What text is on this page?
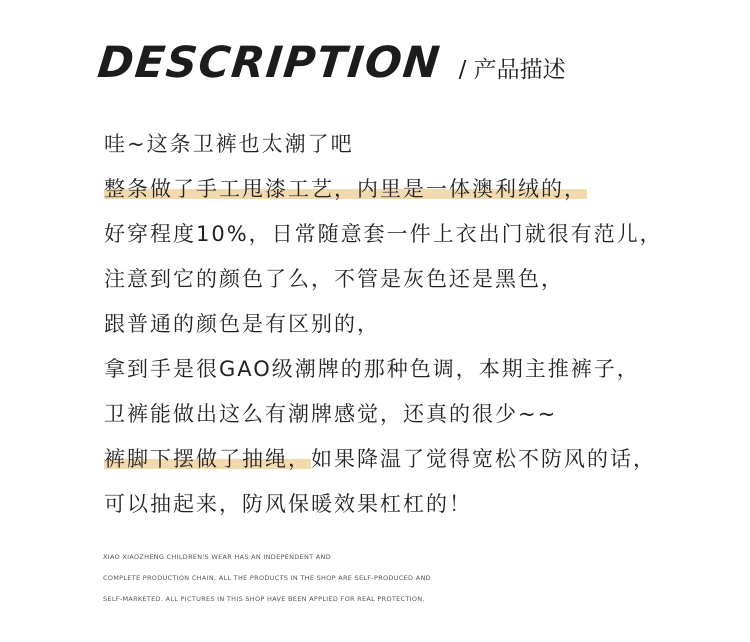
DESCRIPTION / 产品描述
哇~这条卫裤也太潮了吧
整条做了手工甩漆工艺，内里是一体澳利绒的，
好穿程度10%，日常随意套一件上衣出门就很有范儿，
注意到它的颜色了么，不管是灰色还是黑色，
跟普通的颜色是有区别的，
拿到手是很GAO级潮牌的那种色调，本期主推裤子，
卫裤能做出这么有潮牌感觉，还真的很少~~
裤脚下摆做了抽绳，如果降温了觉得宽松不防风的话，
可以抽起来，防风保暖效果杠杠的！
XIAO XIAOZHENG CHILDREN'S WEAR HAS AN INDEPENDENT AND
COMPLETE PRODUCTION CHAIN, ALL THE PRODUCTS IN THE SHOP ARE SELF-PRODUCED AND
SELF-MARKETED. ALL PICTURES IN THIS SHOP HAVE BEEN APPLIED FOR REAL PROTECTION.
